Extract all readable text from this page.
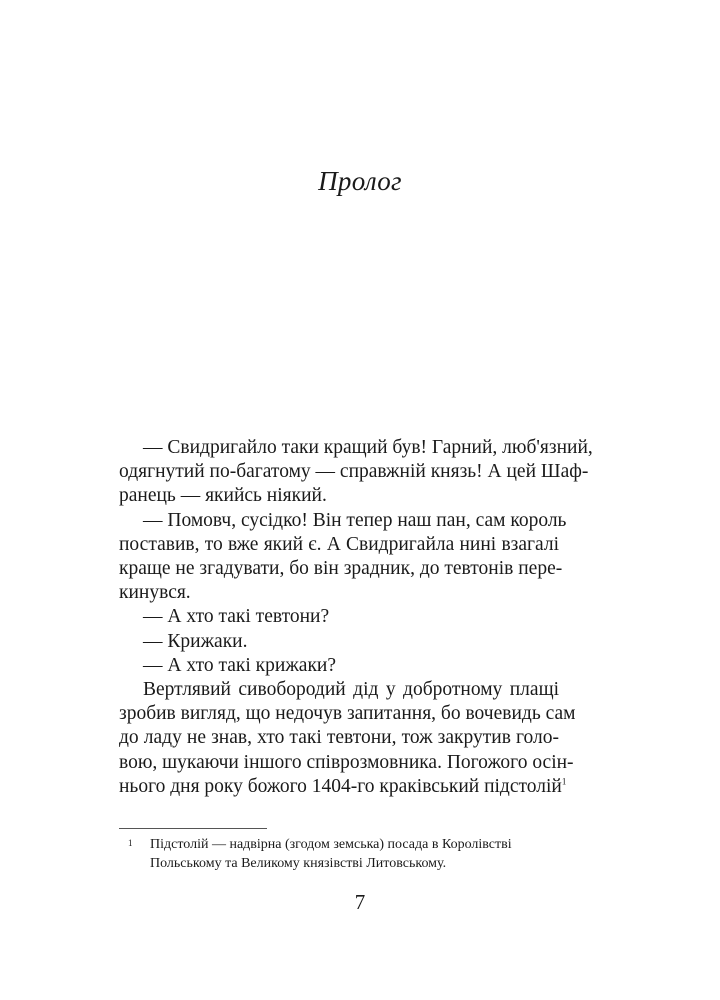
Пролог
— Свидригайло таки кращий був! Гарний, люб'язний,
одягнутий по-багатому — справжній князь! А цей Шаф-
ранець — якийсь ніякий.
— Помовч, сусідко! Він тепер наш пан, сам король
поставив, то вже який є. А Свидригайла нині взагалі
краще не згадувати, бо він зрадник, до тевтонів пере-
кинувся.
— А хто такі тевтони?
— Крижаки.
— А хто такі крижаки?
Вертлявий сивобородий дід у добротному плащі
зробив вигляд, що недочув запитання, бо вочевидь сам
до ладу не знав, хто такі тевтони, тож закрутив голо-
вою, шукаючи іншого співрозмовника. Погожого осін-
нього дня року божого 1404-го краківський підстолій$^1$
1 Підстолій — надвірна (згодом земська) посада в Королівстві Польському та Великому князівстві Литовському.
7
